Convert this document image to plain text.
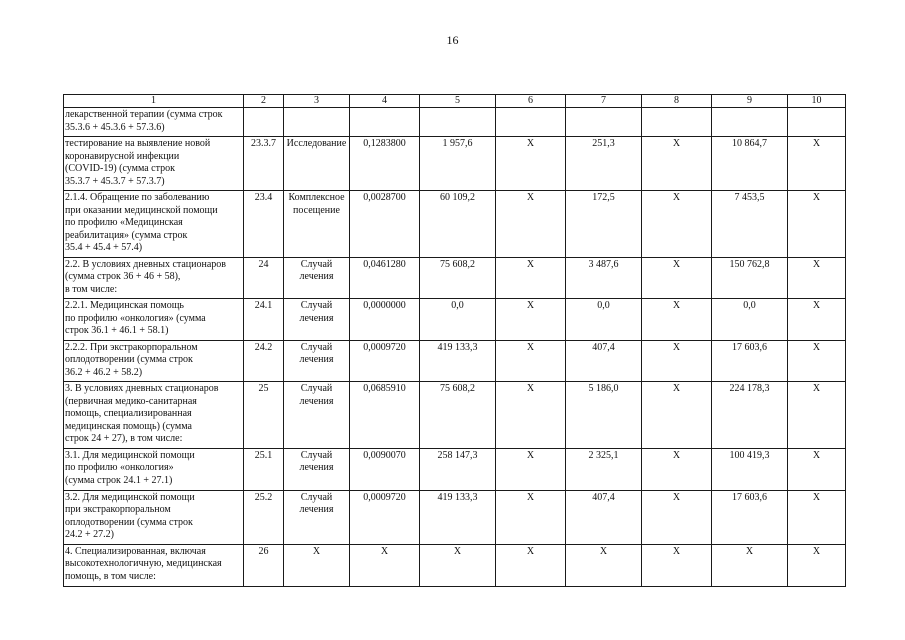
16
1	2	3	4	5	6	7	8	9	10
лекарственной терапии (сумма строк
35.3.6 + 45.3.6 + 57.3.6)									
тестирование на выявление новой
коронавирусной инфекции
(COVID-19) (сумма строк
35.3.7 + 45.3.7 + 57.3.7)	23.3.7	Исследование	0,1283800	1 957,6	X	251,3	X	10 864,7	X
2.1.4. Обращение по заболеванию
при оказании медицинской помощи
по профилю «Медицинская
реабилитация» (сумма строк
35.4 + 45.4 + 57.4)	23.4	Комплексное
посещение	0,0028700	60 109,2	X	172,5	X	7 453,5	X
2.2. В условиях дневных стационаров
(сумма строк 36 + 46 + 58),
в том числе:	24	Случай
лечения	0,0461280	75 608,2	X	3 487,6	X	150 762,8	X
2.2.1. Медицинская помощь
по профилю «онкология» (сумма
строк 36.1 + 46.1 + 58.1)	24.1	Случай
лечения	0,0000000	0,0	X	0,0	X	0,0	X
2.2.2. При экстракорпоральном
оплодотворении (сумма строк
36.2 + 46.2 + 58.2)	24.2	Случай
лечения	0,0009720	419 133,3	X	407,4	X	17 603,6	X
3. В условиях дневных стационаров
(первичная медико-санитарная
помощь, специализированная
медицинская помощь) (сумма
строк 24 + 27), в том числе:	25	Случай
лечения	0,0685910	75 608,2	X	5 186,0	X	224 178,3	X
3.1. Для медицинской помощи
по профилю «онкология»
(сумма строк 24.1 + 27.1)	25.1	Случай
лечения	0,0090070	258 147,3	X	2 325,1	X	100 419,3	X
3.2. Для медицинской помощи
при экстракорпоральном
оплодотворении (сумма строк
24.2 + 27.2)	25.2	Случай
лечения	0,0009720	419 133,3	X	407,4	X	17 603,6	X
4. Специализированная, включая
высокотехнологичную, медицинская
помощь, в том числе:	26	X	X	X	X	X	X	X	X
